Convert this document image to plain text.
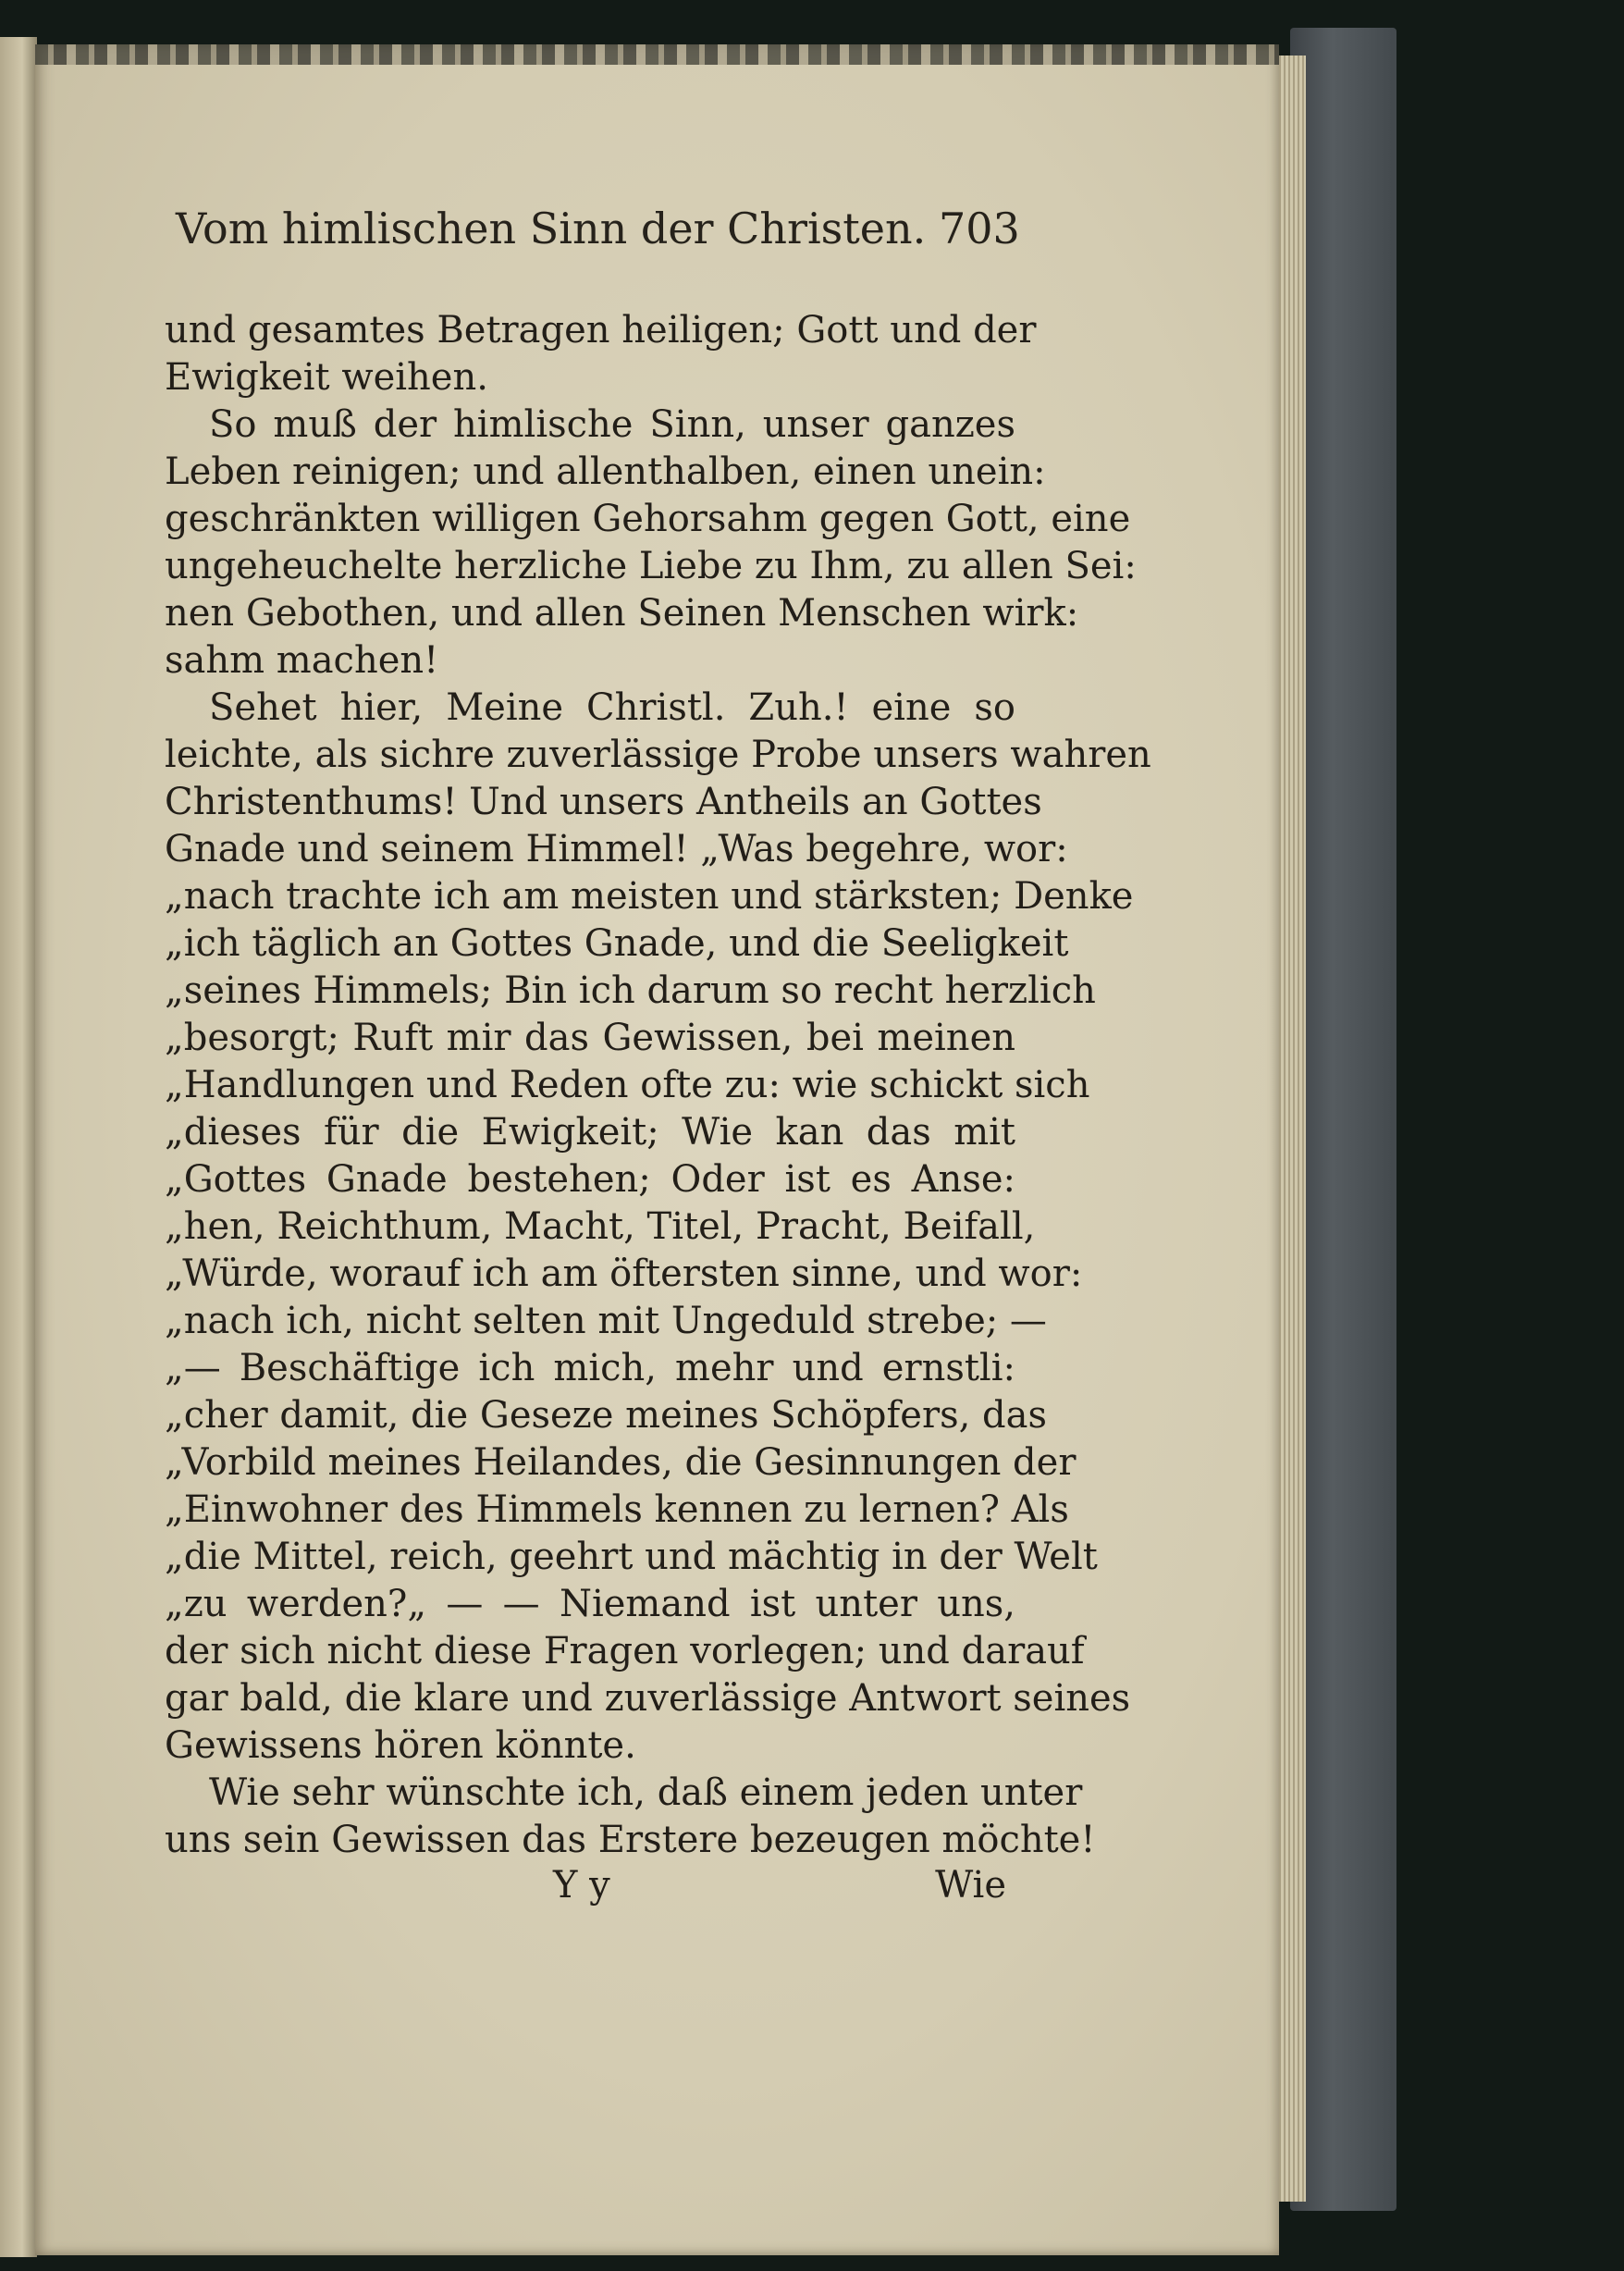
Vom himlischen Sinn der Christen. 703
und gesamtes Betragen heiligen; Gott und der
Ewigkeit weihen.
So muß der himlische Sinn, unser ganzes
Leben reinigen; und allenthalben, einen unein:
geschränkten willigen Gehorsahm gegen Gott, eine
ungeheuchelte herzliche Liebe zu Ihm, zu allen Sei:
nen Gebothen, und allen Seinen Menschen wirk:
sahm machen!
Sehet hier, Meine Christl. Zuh.! eine so
leichte, als sichre zuverlässige Probe unsers wahren
Christenthums! Und unsers Antheils an Gottes
Gnade und seinem Himmel! „Was begehre, wor:
„nach trachte ich am meisten und stärksten; Denke
„ich täglich an Gottes Gnade, und die Seeligkeit
„seines Himmels; Bin ich darum so recht herzlich
„besorgt; Ruft mir das Gewissen, bei meinen
„Handlungen und Reden ofte zu: wie schickt sich
„dieses für die Ewigkeit; Wie kan das mit
„Gottes Gnade bestehen; Oder ist es Anse:
„hen, Reichthum, Macht, Titel, Pracht, Beifall,
„Würde, worauf ich am öftersten sinne, und wor:
„nach ich, nicht selten mit Ungeduld strebe; —
„— Beschäftige ich mich, mehr und ernstli:
„cher damit, die Geseze meines Schöpfers, das
„Vorbild meines Heilandes, die Gesinnungen der
„Einwohner des Himmels kennen zu lernen? Als
„die Mittel, reich, geehrt und mächtig in der Welt
„zu werden?„ — — Niemand ist unter uns,
der sich nicht diese Fragen vorlegen; und darauf
gar bald, die klare und zuverlässige Antwort seines
Gewissens hören könnte.
Wie sehr wünschte ich, daß einem jeden unter
uns sein Gewissen das Erstere bezeugen möchte!
Y y	Wie
